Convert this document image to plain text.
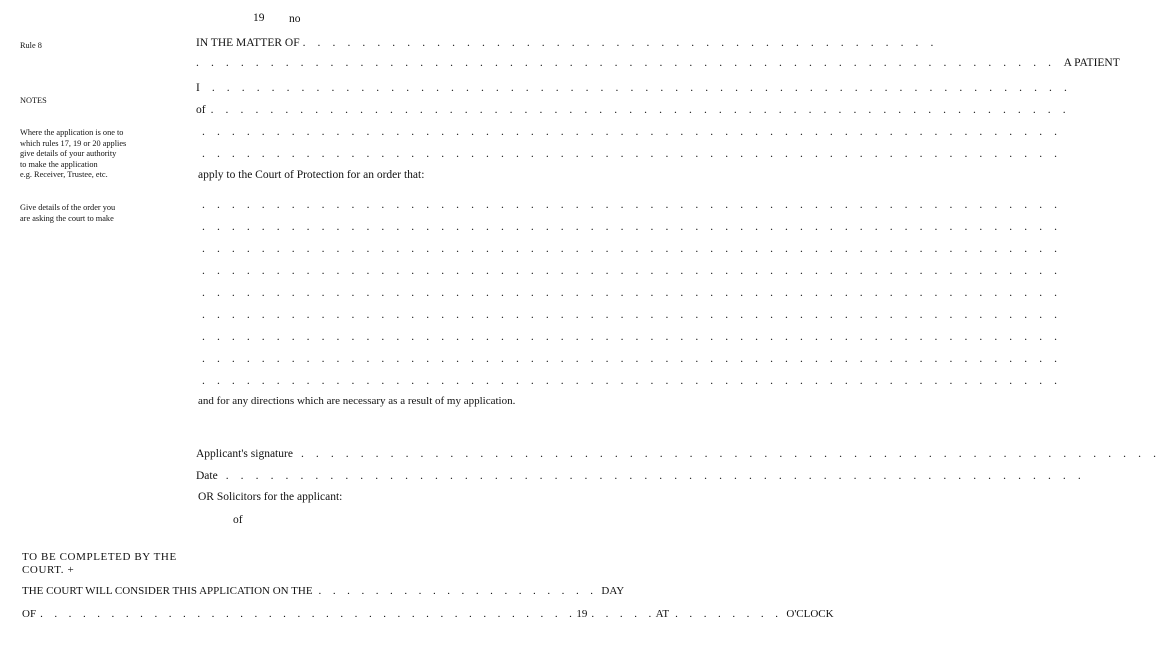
19 no
Rule 8
NOTES
Where the application is one to
which rules 17, 19 or 20 applies
give details of your authority
to make the application
e.g. Receiver, Trustee, etc.
Give details of the order you
are asking the court to make
IN THE MATTER OF . . . . . . . . . . . . . . . . . . . . . . . . . . . . . . . . . . . . . . . . . . .
. . . . . . . . . . . . . . . . . . . . . . . . . . . . . . . . . . . . . . . . . . . . . . . . . . . . . . . . . . A PATIENT
I	. . . . . . . . . . . . . . . . . . . . . . . . . . . . . . . . . . . . . . . . . . . . . . . . . . . . . . . . . .
of . . . . . . . . . . . . . . . . . . . . . . . . . . . . . . . . . . . . . . . . . . . . . . . . . . . . . . . . . .
. . . . . . . . . . . . . . . . . . . . . . . . . . . . . . . . . . . . . . . . . . . . . . . . . . . . . . . . . .
. . . . . . . . . . . . . . . . . . . . . . . . . . . . . . . . . . . . . . . . . . . . . . . . . . . . . . . . . .
apply to the Court of Protection for an order that:
. . . . . . . . . . . . . . . . . . . . . . . . . . . . . . . . . . . . . . . . . . . . . . . . . . . . . . . . . .
. . . . . . . . . . . . . . . . . . . . . . . . . . . . . . . . . . . . . . . . . . . . . . . . . . . . . . . . . .
. . . . . . . . . . . . . . . . . . . . . . . . . . . . . . . . . . . . . . . . . . . . . . . . . . . . . . . . . .
. . . . . . . . . . . . . . . . . . . . . . . . . . . . . . . . . . . . . . . . . . . . . . . . . . . . . . . . . .
. . . . . . . . . . . . . . . . . . . . . . . . . . . . . . . . . . . . . . . . . . . . . . . . . . . . . . . . . .
. . . . . . . . . . . . . . . . . . . . . . . . . . . . . . . . . . . . . . . . . . . . . . . . . . . . . . . . . .
. . . . . . . . . . . . . . . . . . . . . . . . . . . . . . . . . . . . . . . . . . . . . . . . . . . . . . . . . .
. . . . . . . . . . . . . . . . . . . . . . . . . . . . . . . . . . . . . . . . . . . . . . . . . . . . . . . . . .
. . . . . . . . . . . . . . . . . . . . . . . . . . . . . . . . . . . . . . . . . . . . . . . . . . . . . . . . . .
and for any directions which are necessary as a result of my application.
Applicant's signature . . . . . . . . . . . . . . . . . . . . . . . . . . . . . . . . . . . . . . . . . . . . . . . . . . . . . . . . . .
Date . . . . . . . . . . . . . . . . . . . . . . . . . . . . . . . . . . . . . . . . . . . . . . . . . . . . . . . . . .
OR Solicitors for the applicant:
of
TO BE COMPLETED BY THE
COURT. +
THE COURT WILL CONSIDER THIS APPLICATION ON THE . . . . . . . . . . . . . . . . . . . . DAY
OF . . . . . . . . . . . . . . . . . . . . . . . . . . . . . . . . . . . . . . 19 . . . . . AT . . . . . . . . O'CLOCK
